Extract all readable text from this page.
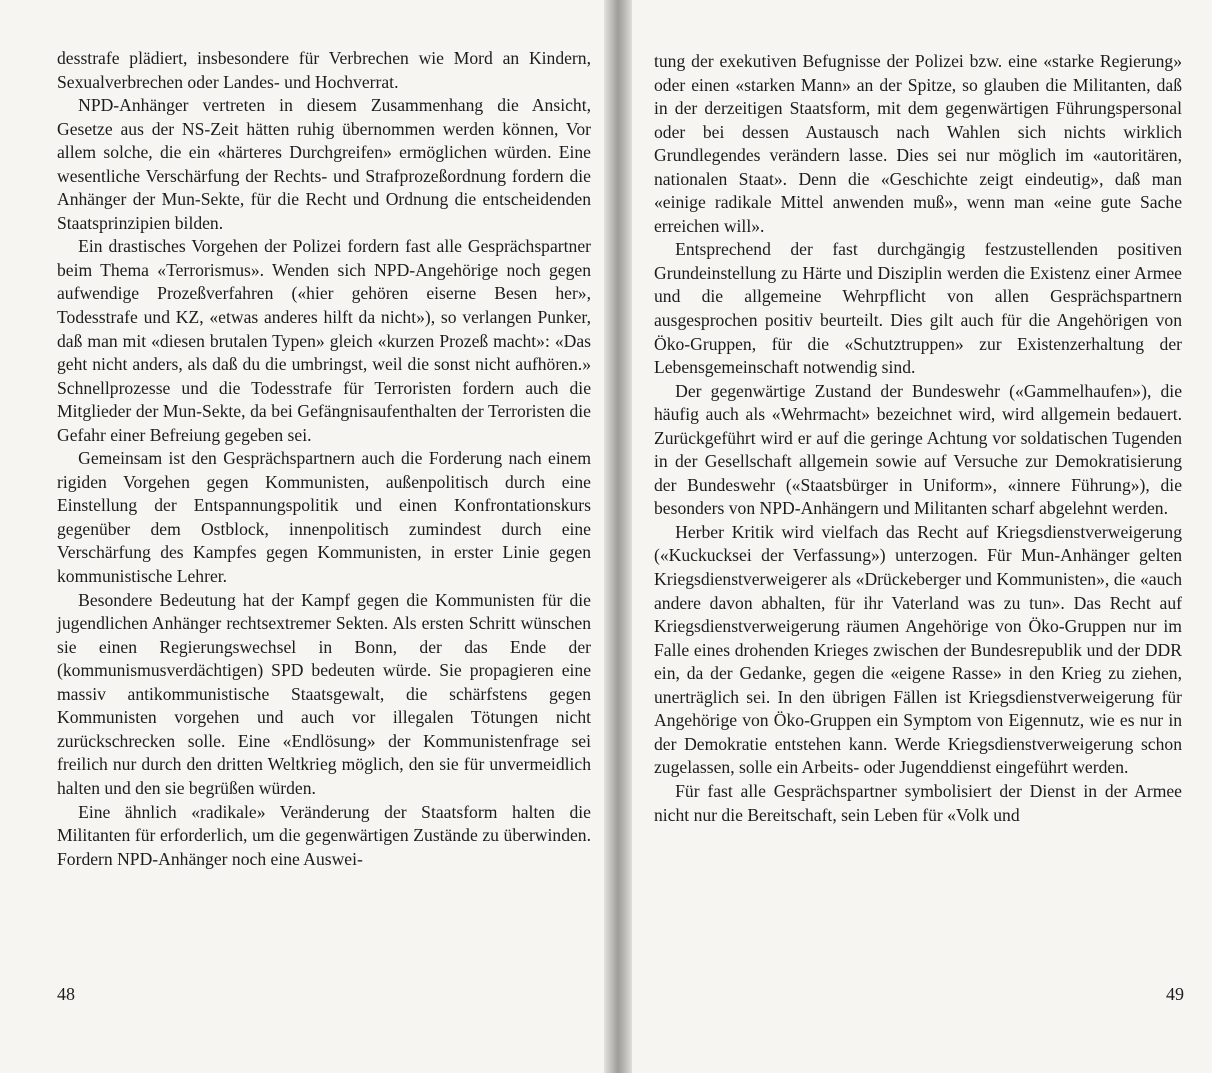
desstrafe plädiert, insbesondere für Verbrechen wie Mord an Kindern, Sexualverbrechen oder Landes- und Hochverrat.

NPD-Anhänger vertreten in diesem Zusammenhang die Ansicht, Gesetze aus der NS-Zeit hätten ruhig übernommen werden können, Vor allem solche, die ein «härteres Durchgreifen» ermöglichen würden. Eine wesentliche Verschärfung der Rechts- und Strafprozeßordnung fordern die Anhänger der Mun-Sekte, für die Recht und Ordnung die entscheidenden Staatsprinzipien bilden.

Ein drastisches Vorgehen der Polizei fordern fast alle Gesprächspartner beim Thema «Terrorismus». Wenden sich NPD-Angehörige noch gegen aufwendige Prozeßverfahren («hier gehören eiserne Besen her», Todesstrafe und KZ, «etwas anderes hilft da nicht»), so verlangen Punker, daß man mit «diesen brutalen Typen» gleich «kurzen Prozeß macht»: «Das geht nicht anders, als daß du die umbringst, weil die sonst nicht aufhören.» Schnellprozesse und die Todesstrafe für Terroristen fordern auch die Mitglieder der Mun-Sekte, da bei Gefängnisaufenthalten der Terroristen die Gefahr einer Befreiung gegeben sei.

Gemeinsam ist den Gesprächspartnern auch die Forderung nach einem rigiden Vorgehen gegen Kommunisten, außenpolitisch durch eine Einstellung der Entspannungspolitik und einen Konfrontationskurs gegenüber dem Ostblock, innenpolitisch zumindest durch eine Verschärfung des Kampfes gegen Kommunisten, in erster Linie gegen kommunistische Lehrer.

Besondere Bedeutung hat der Kampf gegen die Kommunisten für die jugendlichen Anhänger rechtsextremer Sekten. Als ersten Schritt wünschen sie einen Regierungswechsel in Bonn, der das Ende der (kommunismusverdächtigen) SPD bedeuten würde. Sie propagieren eine massiv antikommunistische Staatsgewalt, die schärfstens gegen Kommunisten vorgehen und auch vor illegalen Tötungen nicht zurückschrecken solle. Eine «Endlösung» der Kommunistenfrage sei freilich nur durch den dritten Weltkrieg möglich, den sie für unvermeidlich halten und den sie begrüßen würden.

Eine ähnlich «radikale» Veränderung der Staatsform halten die Militanten für erforderlich, um die gegenwärtigen Zustände zu überwinden. Fordern NPD-Anhänger noch eine Auswei-

48

tung der exekutiven Befugnisse der Polizei bzw. eine «starke Regierung» oder einen «starken Mann» an der Spitze, so glauben die Militanten, daß in der derzeitigen Staatsform, mit dem gegenwärtigen Führungspersonal oder bei dessen Austausch nach Wahlen sich nichts wirklich Grundlegendes verändern lasse. Dies sei nur möglich im «autoritären, nationalen Staat». Denn die «Geschichte zeigt eindeutig», daß man «einige radikale Mittel anwenden muß», wenn man «eine gute Sache erreichen will».

Entsprechend der fast durchgängig festzustellenden positiven Grundeinstellung zu Härte und Disziplin werden die Existenz einer Armee und die allgemeine Wehrpflicht von allen Gesprächspartnern ausgesprochen positiv beurteilt. Dies gilt auch für die Angehörigen von Öko-Gruppen, für die «Schutztruppen» zur Existenzerhaltung der Lebensgemeinschaft notwendig sind.

Der gegenwärtige Zustand der Bundeswehr («Gammelhaufen»), die häufig auch als «Wehrmacht» bezeichnet wird, wird allgemein bedauert. Zurückgeführt wird er auf die geringe Achtung vor soldatischen Tugenden in der Gesellschaft allgemein sowie auf Versuche zur Demokratisierung der Bundeswehr («Staatsbürger in Uniform», «innere Führung»), die besonders von NPD-Anhängern und Militanten scharf abgelehnt werden.

Herber Kritik wird vielfach das Recht auf Kriegsdienstverweigerung («Kuckucksei der Verfassung») unterzogen. Für Mun-Anhänger gelten Kriegsdienstverweigerer als «Drückeberger und Kommunisten», die «auch andere davon abhalten, für ihr Vaterland was zu tun». Das Recht auf Kriegsdienstverweigerung räumen Angehörige von Öko-Gruppen nur im Falle eines drohenden Krieges zwischen der Bundesrepublik und der DDR ein, da der Gedanke, gegen die «eigene Rasse» in den Krieg zu ziehen, unerträglich sei. In den übrigen Fällen ist Kriegsdienstverweigerung für Angehörige von Öko-Gruppen ein Symptom von Eigennutz, wie es nur in der Demokratie entstehen kann. Werde Kriegsdienstverweigerung schon zugelassen, solle ein Arbeits- oder Jugenddienst eingeführt werden.

Für fast alle Gesprächspartner symbolisiert der Dienst in der Armee nicht nur die Bereitschaft, sein Leben für «Volk und

49
